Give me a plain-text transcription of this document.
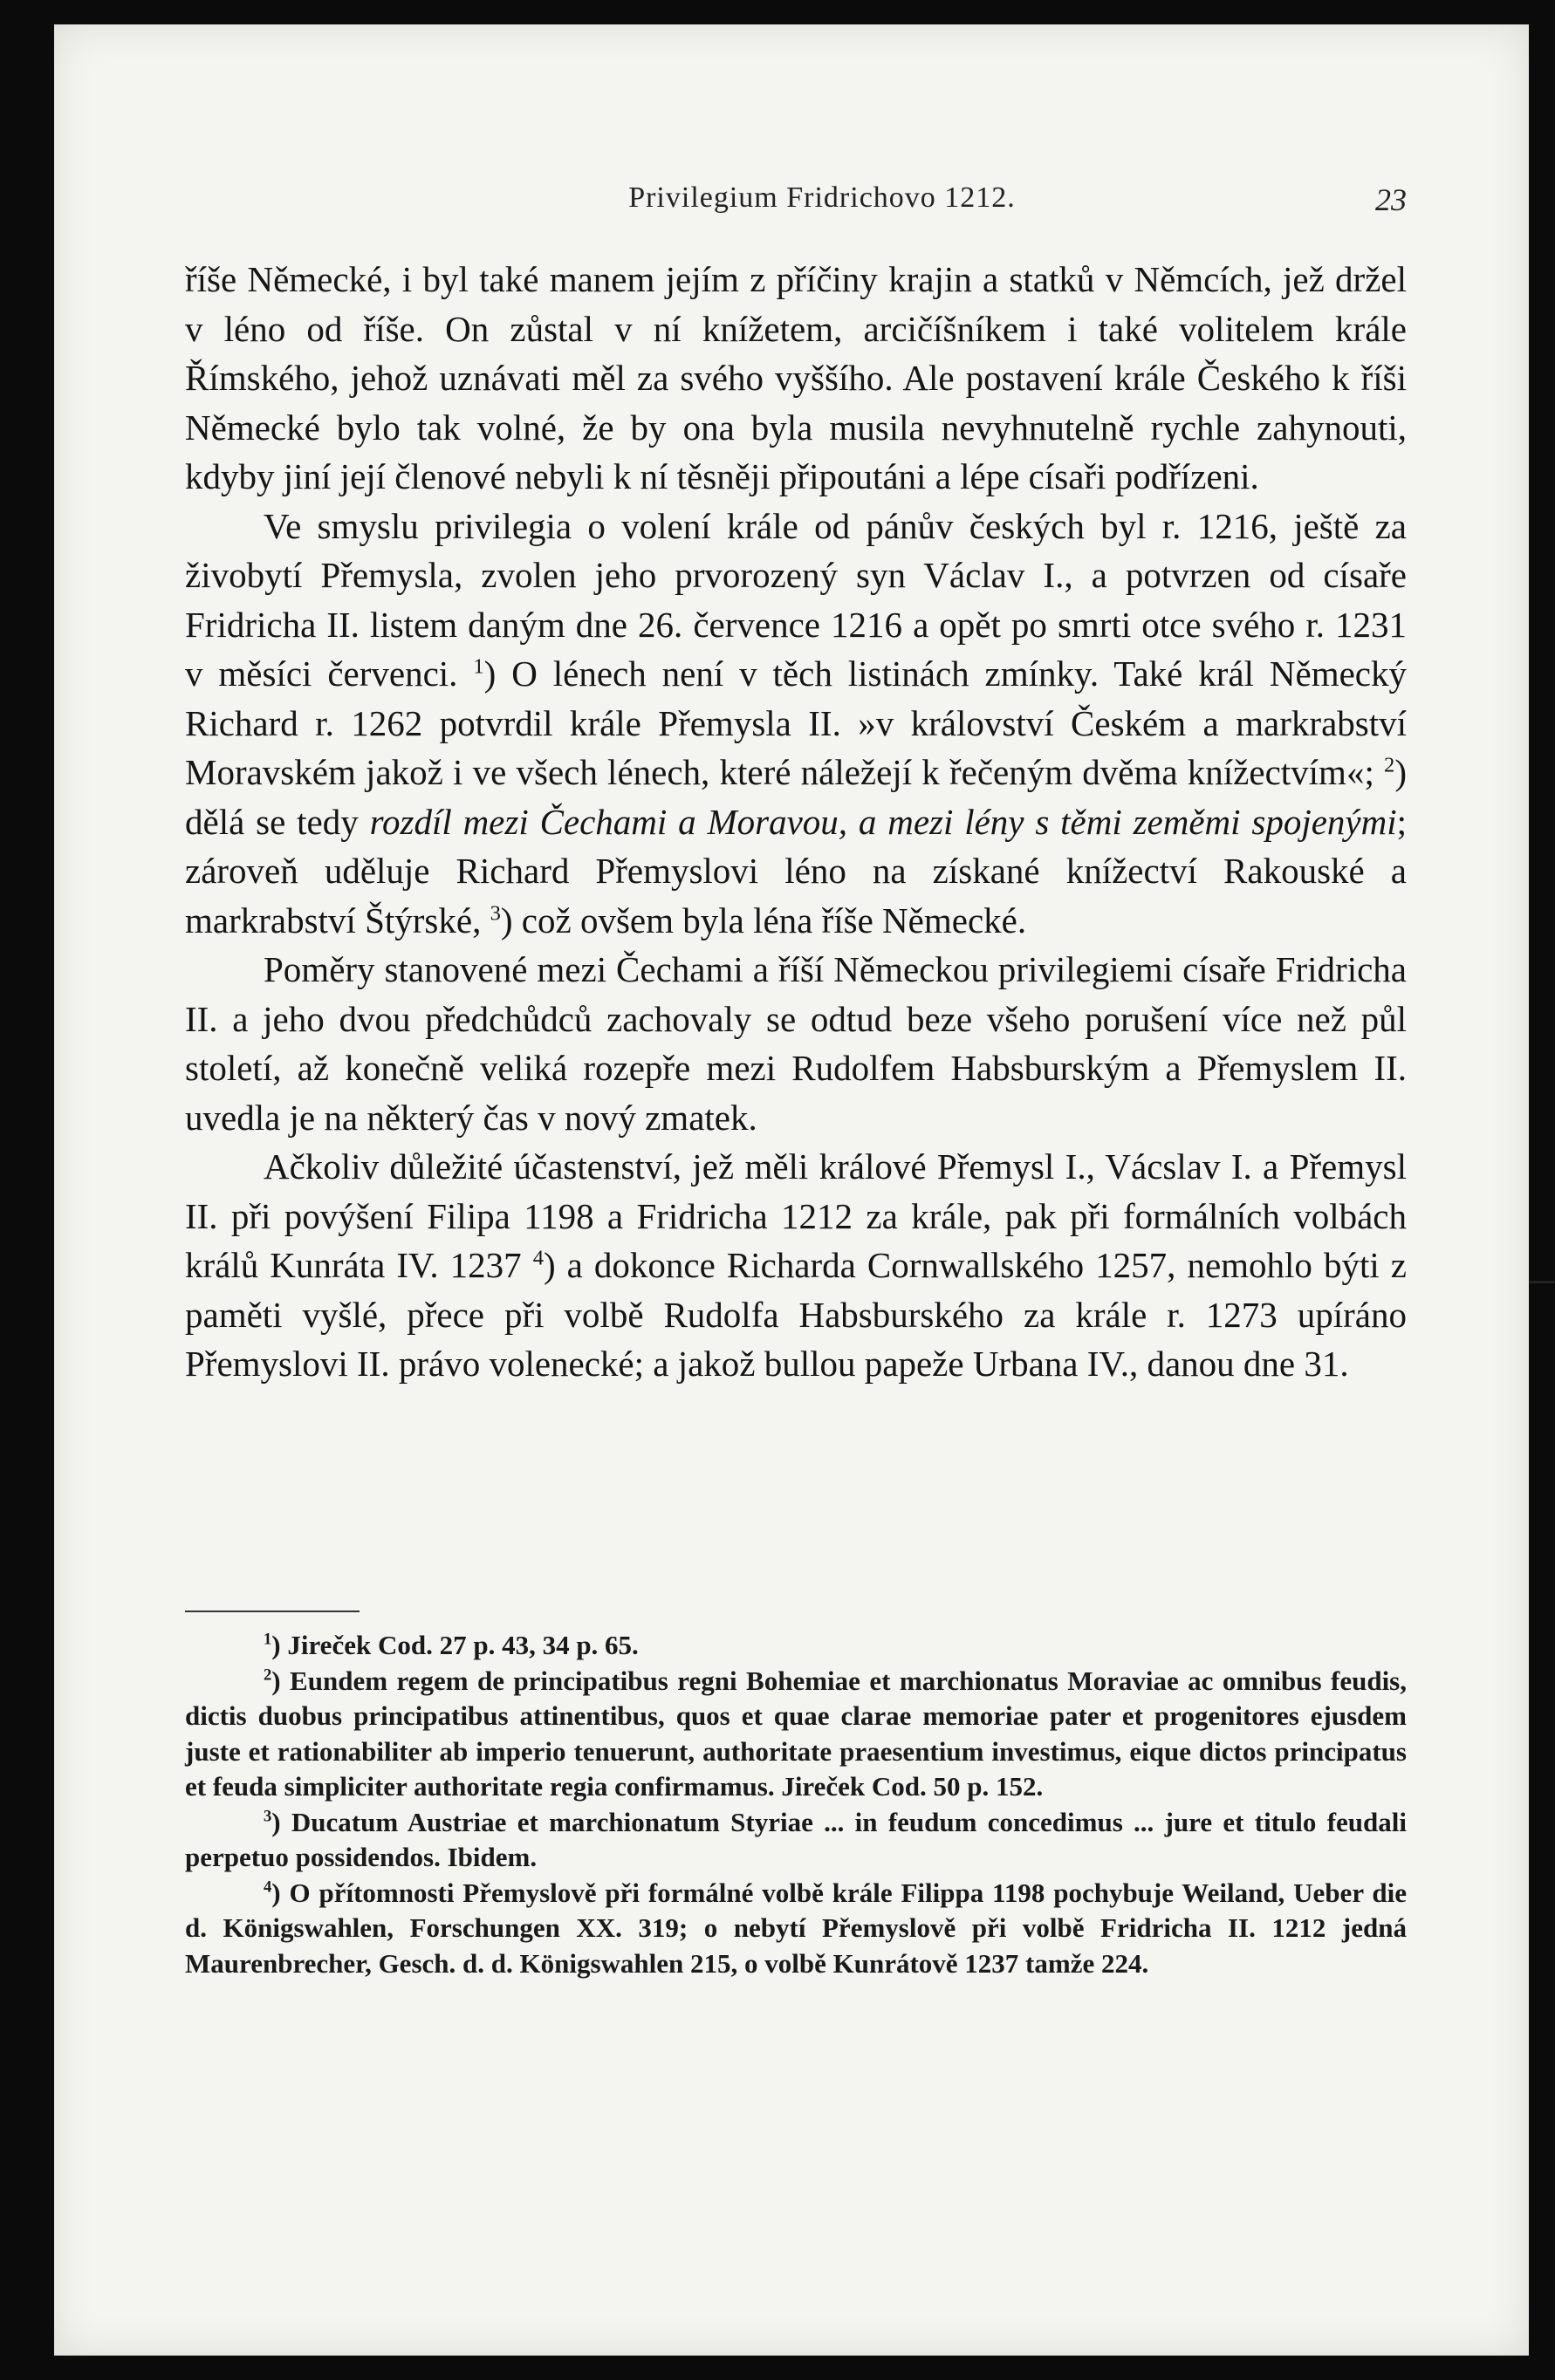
Privilegium Fridrichovo 1212.	23

říše Německé, i byl také manem jejím z příčiny krajin a statků v Němcích, jež držel v léno od říše. On zůstal v ní knížetem, arcičíšníkem i také volitelem krále Římského, jehož uznávati měl za svého vyššího. Ale postavení krále Českého k říši Německé bylo tak volné, že by ona byla musila nevyhnutelně rychle zahynouti, kdyby jiní její členové nebyli k ní těsněji připoutáni a lépe císaři podřízeni.

Ve smyslu privilegia o volení krále od pánův českých byl r. 1216, ještě za živobytí Přemysla, zvolen jeho prvorozený syn Václav I., a potvrzen od císaře Fridricha II. listem daným dne 26. července 1216 a opět po smrti otce svého r. 1231 v měsíci červenci. $^1$) O lénech není v těch listinách zmínky. Také král Německý Richard r. 1262 potvrdil krále Přemysla II. »v království Českém a markrabství Moravském jakož i ve všech lénech, které náležejí k řečeným dvěma knížectvím«; $^2$) dělá se tedy rozdíl mezi Čechami a Moravou, a mezi lény s těmi zeměmi spojenými; zároveň uděluje Richard Přemyslovi léno na získané knížectví Rakouské a markrabství Štýrské, $^3$) což ovšem byla léna říše Německé.

Poměry stanovené mezi Čechami a říší Německou privilegiemi císaře Fridricha II. a jeho dvou předchůdců zachovaly se odtud beze všeho porušení více než půl století, až konečně veliká rozepře mezi Rudolfem Habsburským a Přemyslem II. uvedla je na některý čas v nový zmatek.

Ačkoliv důležité účastenství, jež měli králové Přemysl I., Vácslav I. a Přemysl II. při povýšení Filipa 1198 a Fridricha 1212 za krále, pak při formálních volbách králů Kunráta IV. 1237 $^4$) a dokonce Richarda Cornwallského 1257, nemohlo býti z paměti vyšlé, přece při volbě Rudolfa Habsburského za krále r. 1273 upíráno Přemyslovi II. právo volenecké; a jakož bullou papeže Urbana IV., danou dne 31.

$^1$) Jireček Cod. 27 p. 43, 34 p. 65.

$^2$) Eundem regem de principatibus regni Bohemiae et marchionatus Moraviae ac omnibus feudis, dictis duobus principatibus attinentibus, quos et quae clarae memoriae pater et progenitores ejusdem juste et rationabiliter ab imperio tenuerunt, authoritate praesentium investimus, eique dictos principatus et feuda simpliciter authoritate regia confirmamus. Jireček Cod. 50 p. 152.

$^3$) Ducatum Austriae et marchionatum Styriae ... in feudum concedimus ... jure et titulo feudali perpetuo possidendos. Ibidem.

$^4$) O přítomnosti Přemyslově při formálné volbě krále Filippa 1198 pochybuje Weiland, Ueber die d. Königswahlen, Forschungen XX. 319; o nebytí Přemyslově při volbě Fridricha II. 1212 jedná Maurenbrecher, Gesch. d. d. Königswahlen 215, o volbě Kunrátově 1237 tamže 224.
